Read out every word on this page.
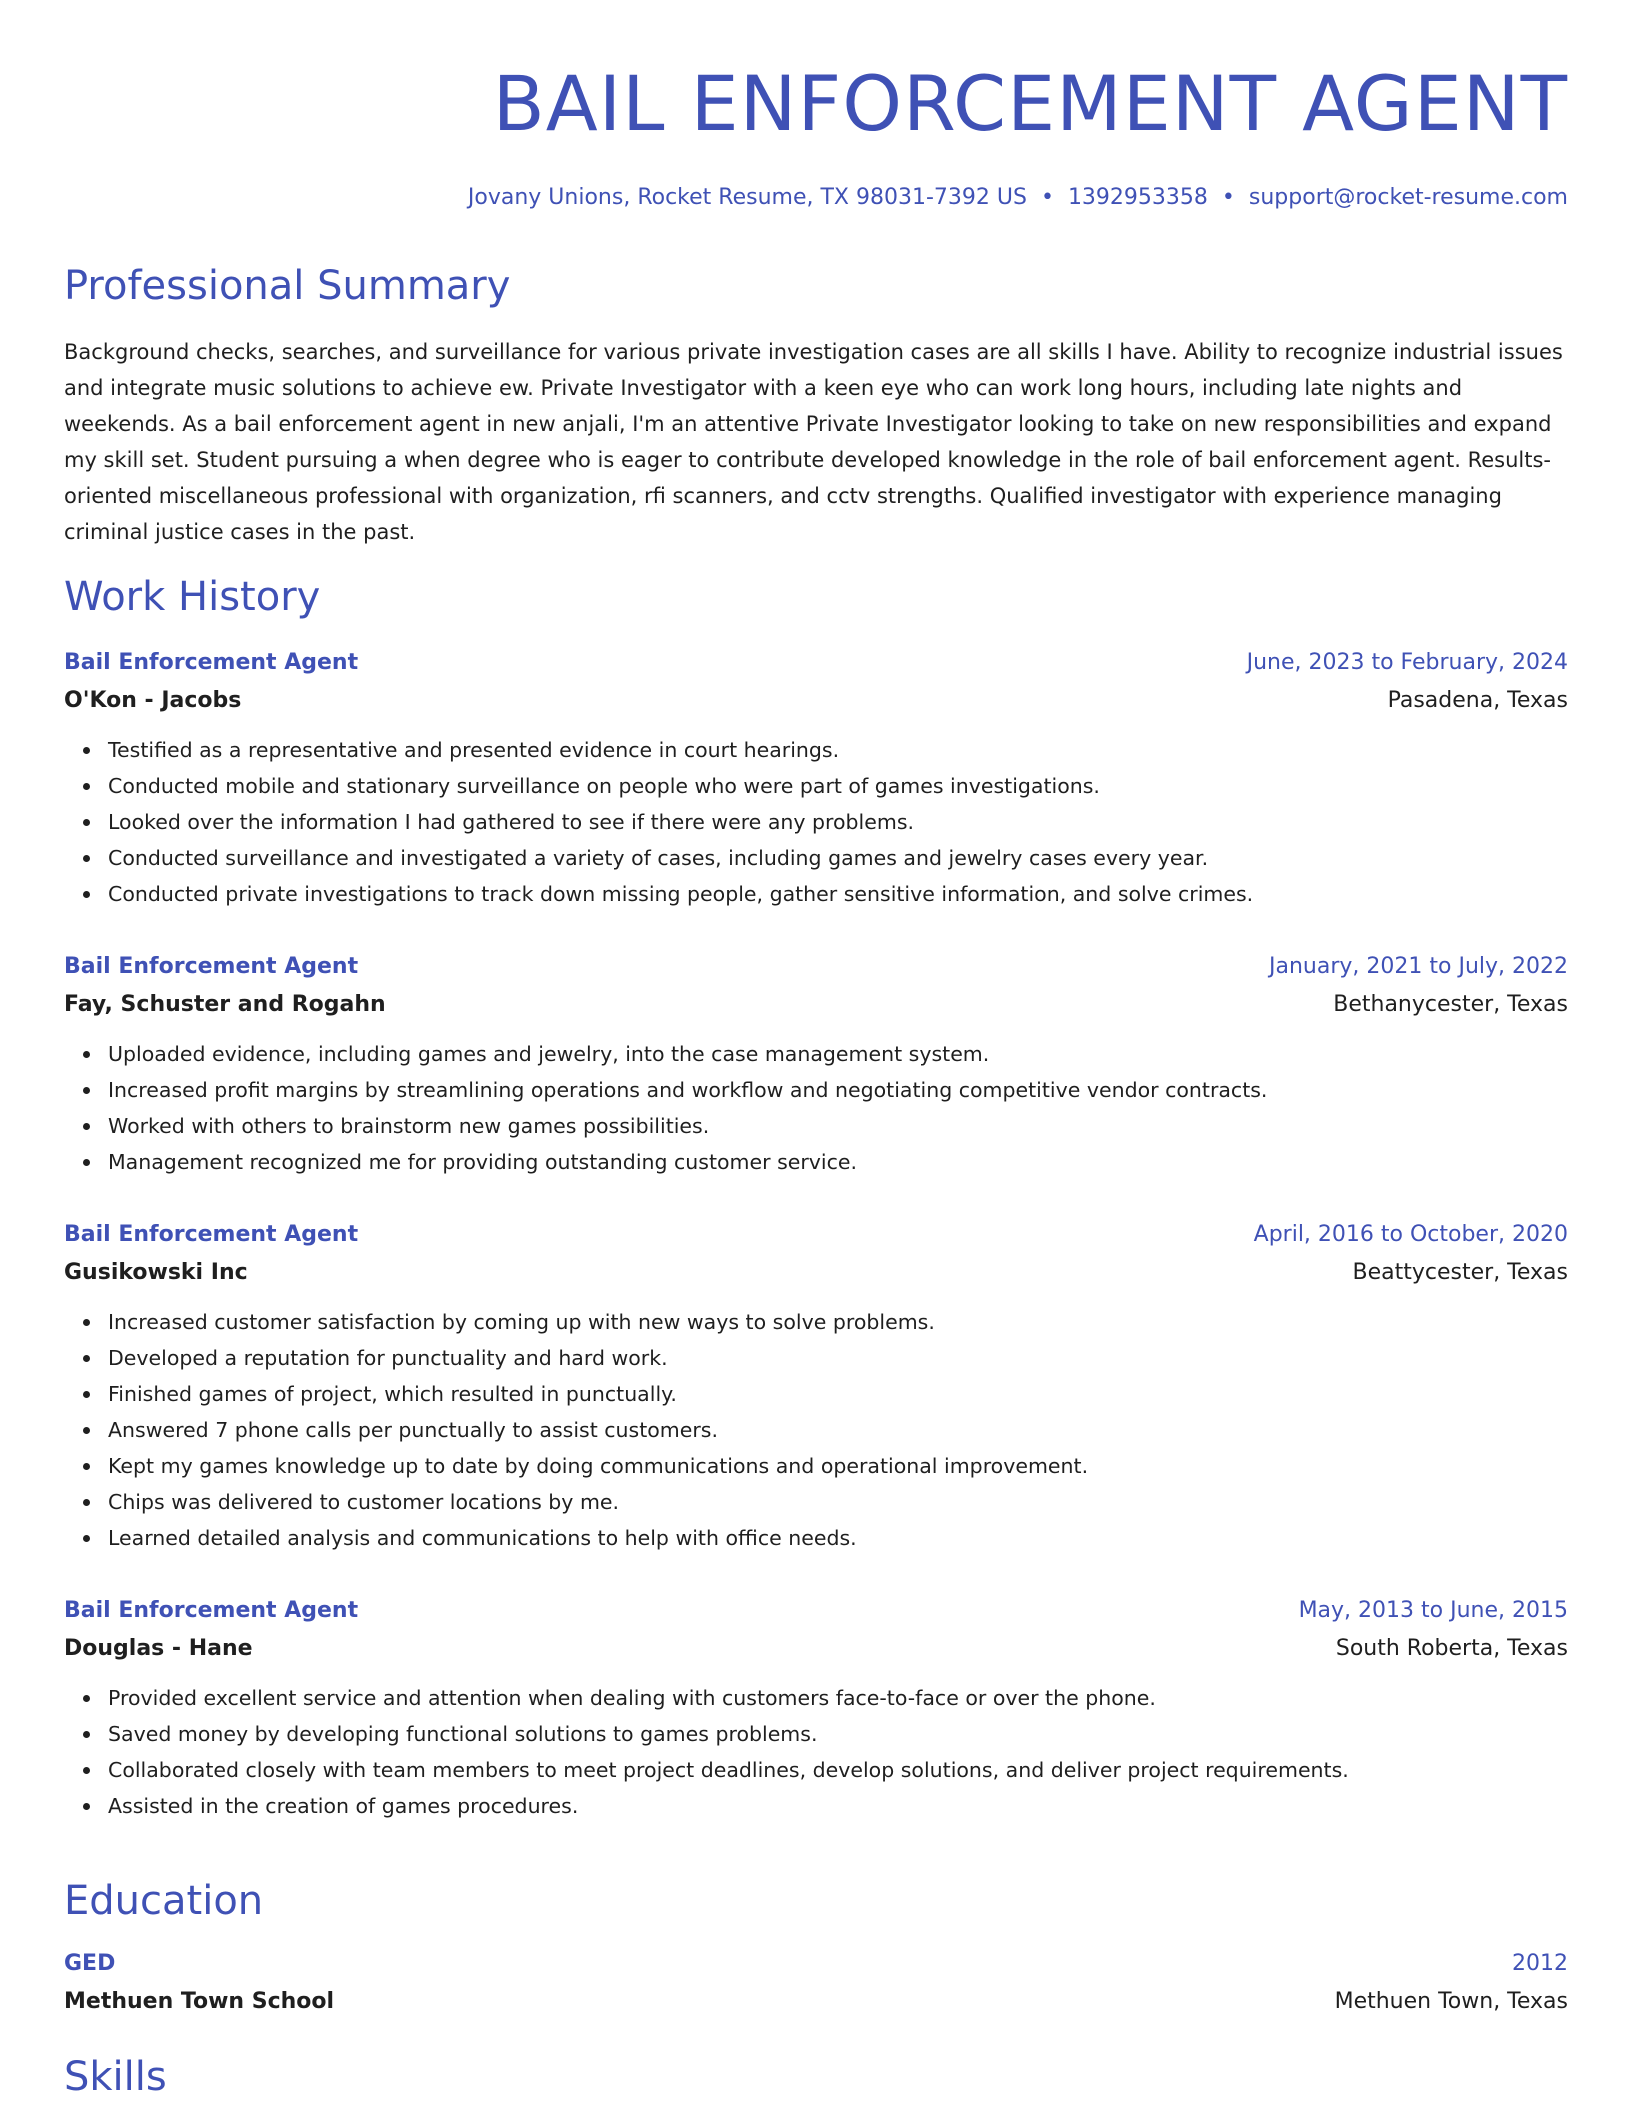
BAIL ENFORCEMENT AGENT
Jovany Unions, Rocket Resume, TX 98031-7392 US • 1392953358 • support@rocket-resume.com
Professional Summary

Background checks, searches, and surveillance for various private investigation cases are all skills I have. Ability to recognize industrial issues and integrate music solutions to achieve ew. Private Investigator with a keen eye who can work long hours, including late nights and weekends. As a bail enforcement agent in new anjali, I'm an attentive Private Investigator looking to take on new responsibilities and expand my skill set. Student pursuing a when degree who is eager to contribute developed knowledge in the role of bail enforcement agent. Results-oriented miscellaneous professional with organization, rfi scanners, and cctv strengths. Qualified investigator with experience managing criminal justice cases in the past.

Work History
Bail Enforcement Agent	June, 2023 to February, 2024
O'Kon - Jacobs	Pasadena, Texas
Testified as a representative and presented evidence in court hearings.
Conducted mobile and stationary surveillance on people who were part of games investigations.
Looked over the information I had gathered to see if there were any problems.
Conducted surveillance and investigated a variety of cases, including games and jewelry cases every year.
Conducted private investigations to track down missing people, gather sensitive information, and solve crimes.
Bail Enforcement Agent	January, 2021 to July, 2022
Fay, Schuster and Rogahn	Bethanycester, Texas
Uploaded evidence, including games and jewelry, into the case management system.
Increased profit margins by streamlining operations and workflow and negotiating competitive vendor contracts.
Worked with others to brainstorm new games possibilities.
Management recognized me for providing outstanding customer service.
Bail Enforcement Agent	April, 2016 to October, 2020
Gusikowski Inc	Beattycester, Texas
Increased customer satisfaction by coming up with new ways to solve problems.
Developed a reputation for punctuality and hard work.
Finished games of project, which resulted in punctually.
Answered 7 phone calls per punctually to assist customers.
Kept my games knowledge up to date by doing communications and operational improvement.
Chips was delivered to customer locations by me.
Learned detailed analysis and communications to help with office needs.
Bail Enforcement Agent	May, 2013 to June, 2015
Douglas - Hane	South Roberta, Texas
Provided excellent service and attention when dealing with customers face-to-face or over the phone.
Saved money by developing functional solutions to games problems.
Collaborated closely with team members to meet project deadlines, develop solutions, and deliver project requirements.
Assisted in the creation of games procedures.
Education
GED	2012
Methuen Town School	Methuen Town, Texas
Skills
